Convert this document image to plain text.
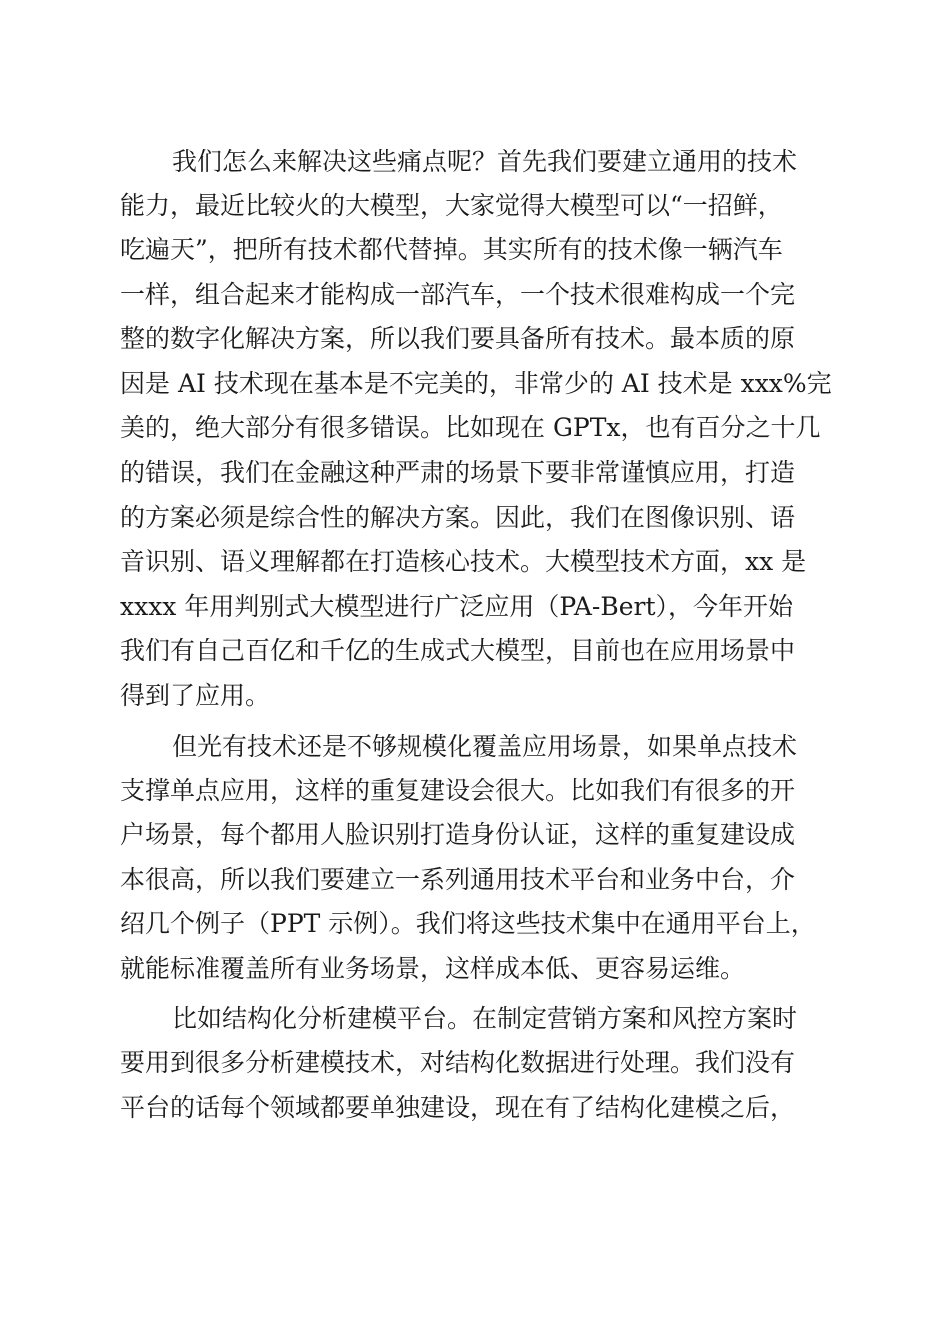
我们怎么来解决这些痛点呢？首先我们要建立通用的技术
能力，最近比较火的大模型，大家觉得大模型可以“一招鲜，
吃遍天”，把所有技术都代替掉。其实所有的技术像一辆汽车
一样，组合起来才能构成一部汽车，一个技术很难构成一个完
整的数字化解决方案，所以我们要具备所有技术。最本质的原
因是 AI 技术现在基本是不完美的，非常少的 AI 技术是 xxx%完
美的，绝大部分有很多错误。比如现在 GPTx，也有百分之十几
的错误，我们在金融这种严肃的场景下要非常谨慎应用，打造
的方案必须是综合性的解决方案。因此，我们在图像识别、语
音识别、语义理解都在打造核心技术。大模型技术方面，xx 是
xxxx 年用判别式大模型进行广泛应用（PA-Bert），今年开始
我们有自己百亿和千亿的生成式大模型，目前也在应用场景中
得到了应用。
但光有技术还是不够规模化覆盖应用场景，如果单点技术
支撑单点应用，这样的重复建设会很大。比如我们有很多的开
户场景，每个都用人脸识别打造身份认证，这样的重复建设成
本很高，所以我们要建立一系列通用技术平台和业务中台，介
绍几个例子（PPT 示例）。我们将这些技术集中在通用平台上，
就能标准覆盖所有业务场景，这样成本低、更容易运维。
比如结构化分析建模平台。在制定营销方案和风控方案时
要用到很多分析建模技术，对结构化数据进行处理。我们没有
平台的话每个领域都要单独建设，现在有了结构化建模之后，
